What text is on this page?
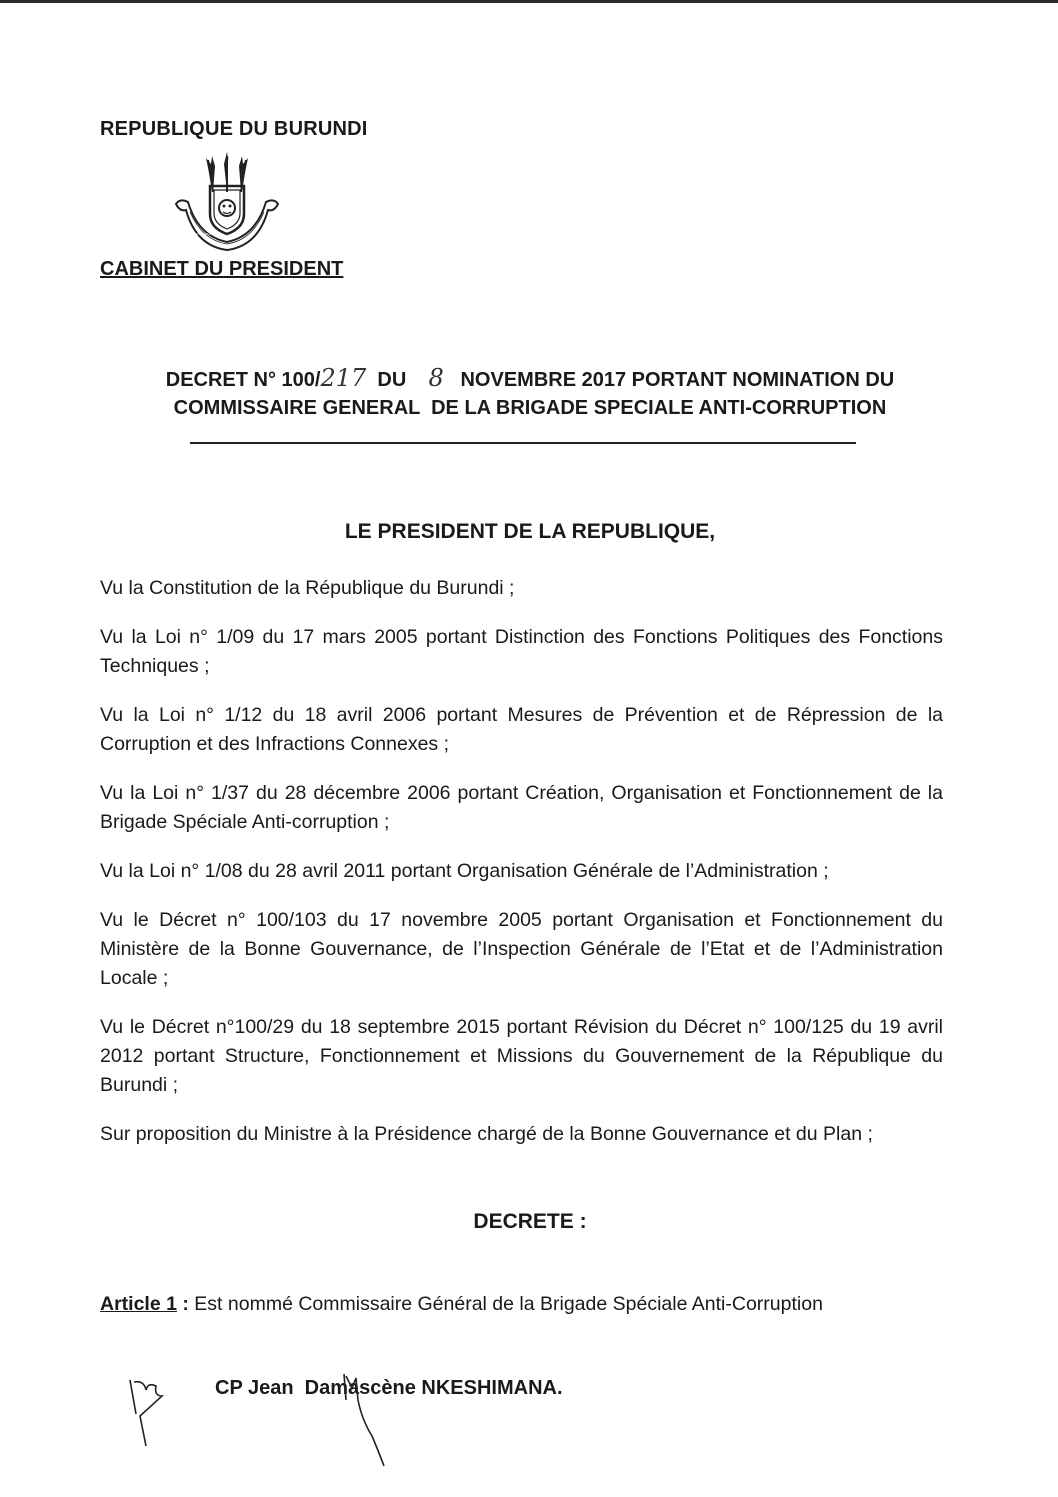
REPUBLIQUE DU BURUNDI
UBUMWE • IBIKORWA • AMAJAMBERE
CABINET DU PRESIDENT
DECRET N° 100/217 DU 8 NOVEMBRE 2017 PORTANT NOMINATION DU
COMMISSAIRE GENERAL  DE LA BRIGADE SPECIALE ANTI-CORRUPTION
LE PRESIDENT DE LA REPUBLIQUE,

Vu la Constitution de la République du Burundi ;

Vu la Loi n° 1/09 du 17 mars 2005 portant Distinction des Fonctions Politiques des Fonctions Techniques ;

Vu la Loi n° 1/12 du 18 avril 2006 portant Mesures de Prévention et de Répression de la Corruption et des Infractions Connexes ;

Vu la Loi n° 1/37 du 28 décembre 2006 portant Création, Organisation et Fonctionnement de la Brigade Spéciale Anti-corruption ;

Vu la Loi n° 1/08 du 28 avril 2011 portant Organisation Générale de l’Administration ;

Vu le Décret n° 100/103 du 17 novembre 2005 portant Organisation et Fonctionnement du Ministère de la Bonne Gouvernance, de l’Inspection Générale de l’Etat et de l’Administration Locale ;

Vu le Décret n°100/29 du 18 septembre 2015 portant Révision du Décret n° 100/125 du 19 avril 2012 portant Structure, Fonctionnement et Missions du Gouvernement de la République du Burundi ;

Sur proposition du Ministre à la Présidence chargé de la Bonne Gouvernance et du Plan ;

DECRETE :
Article 1 : Est nommé Commissaire Général de la Brigade Spéciale Anti-Corruption
CP Jean  Damascène NKESHIMANA.
